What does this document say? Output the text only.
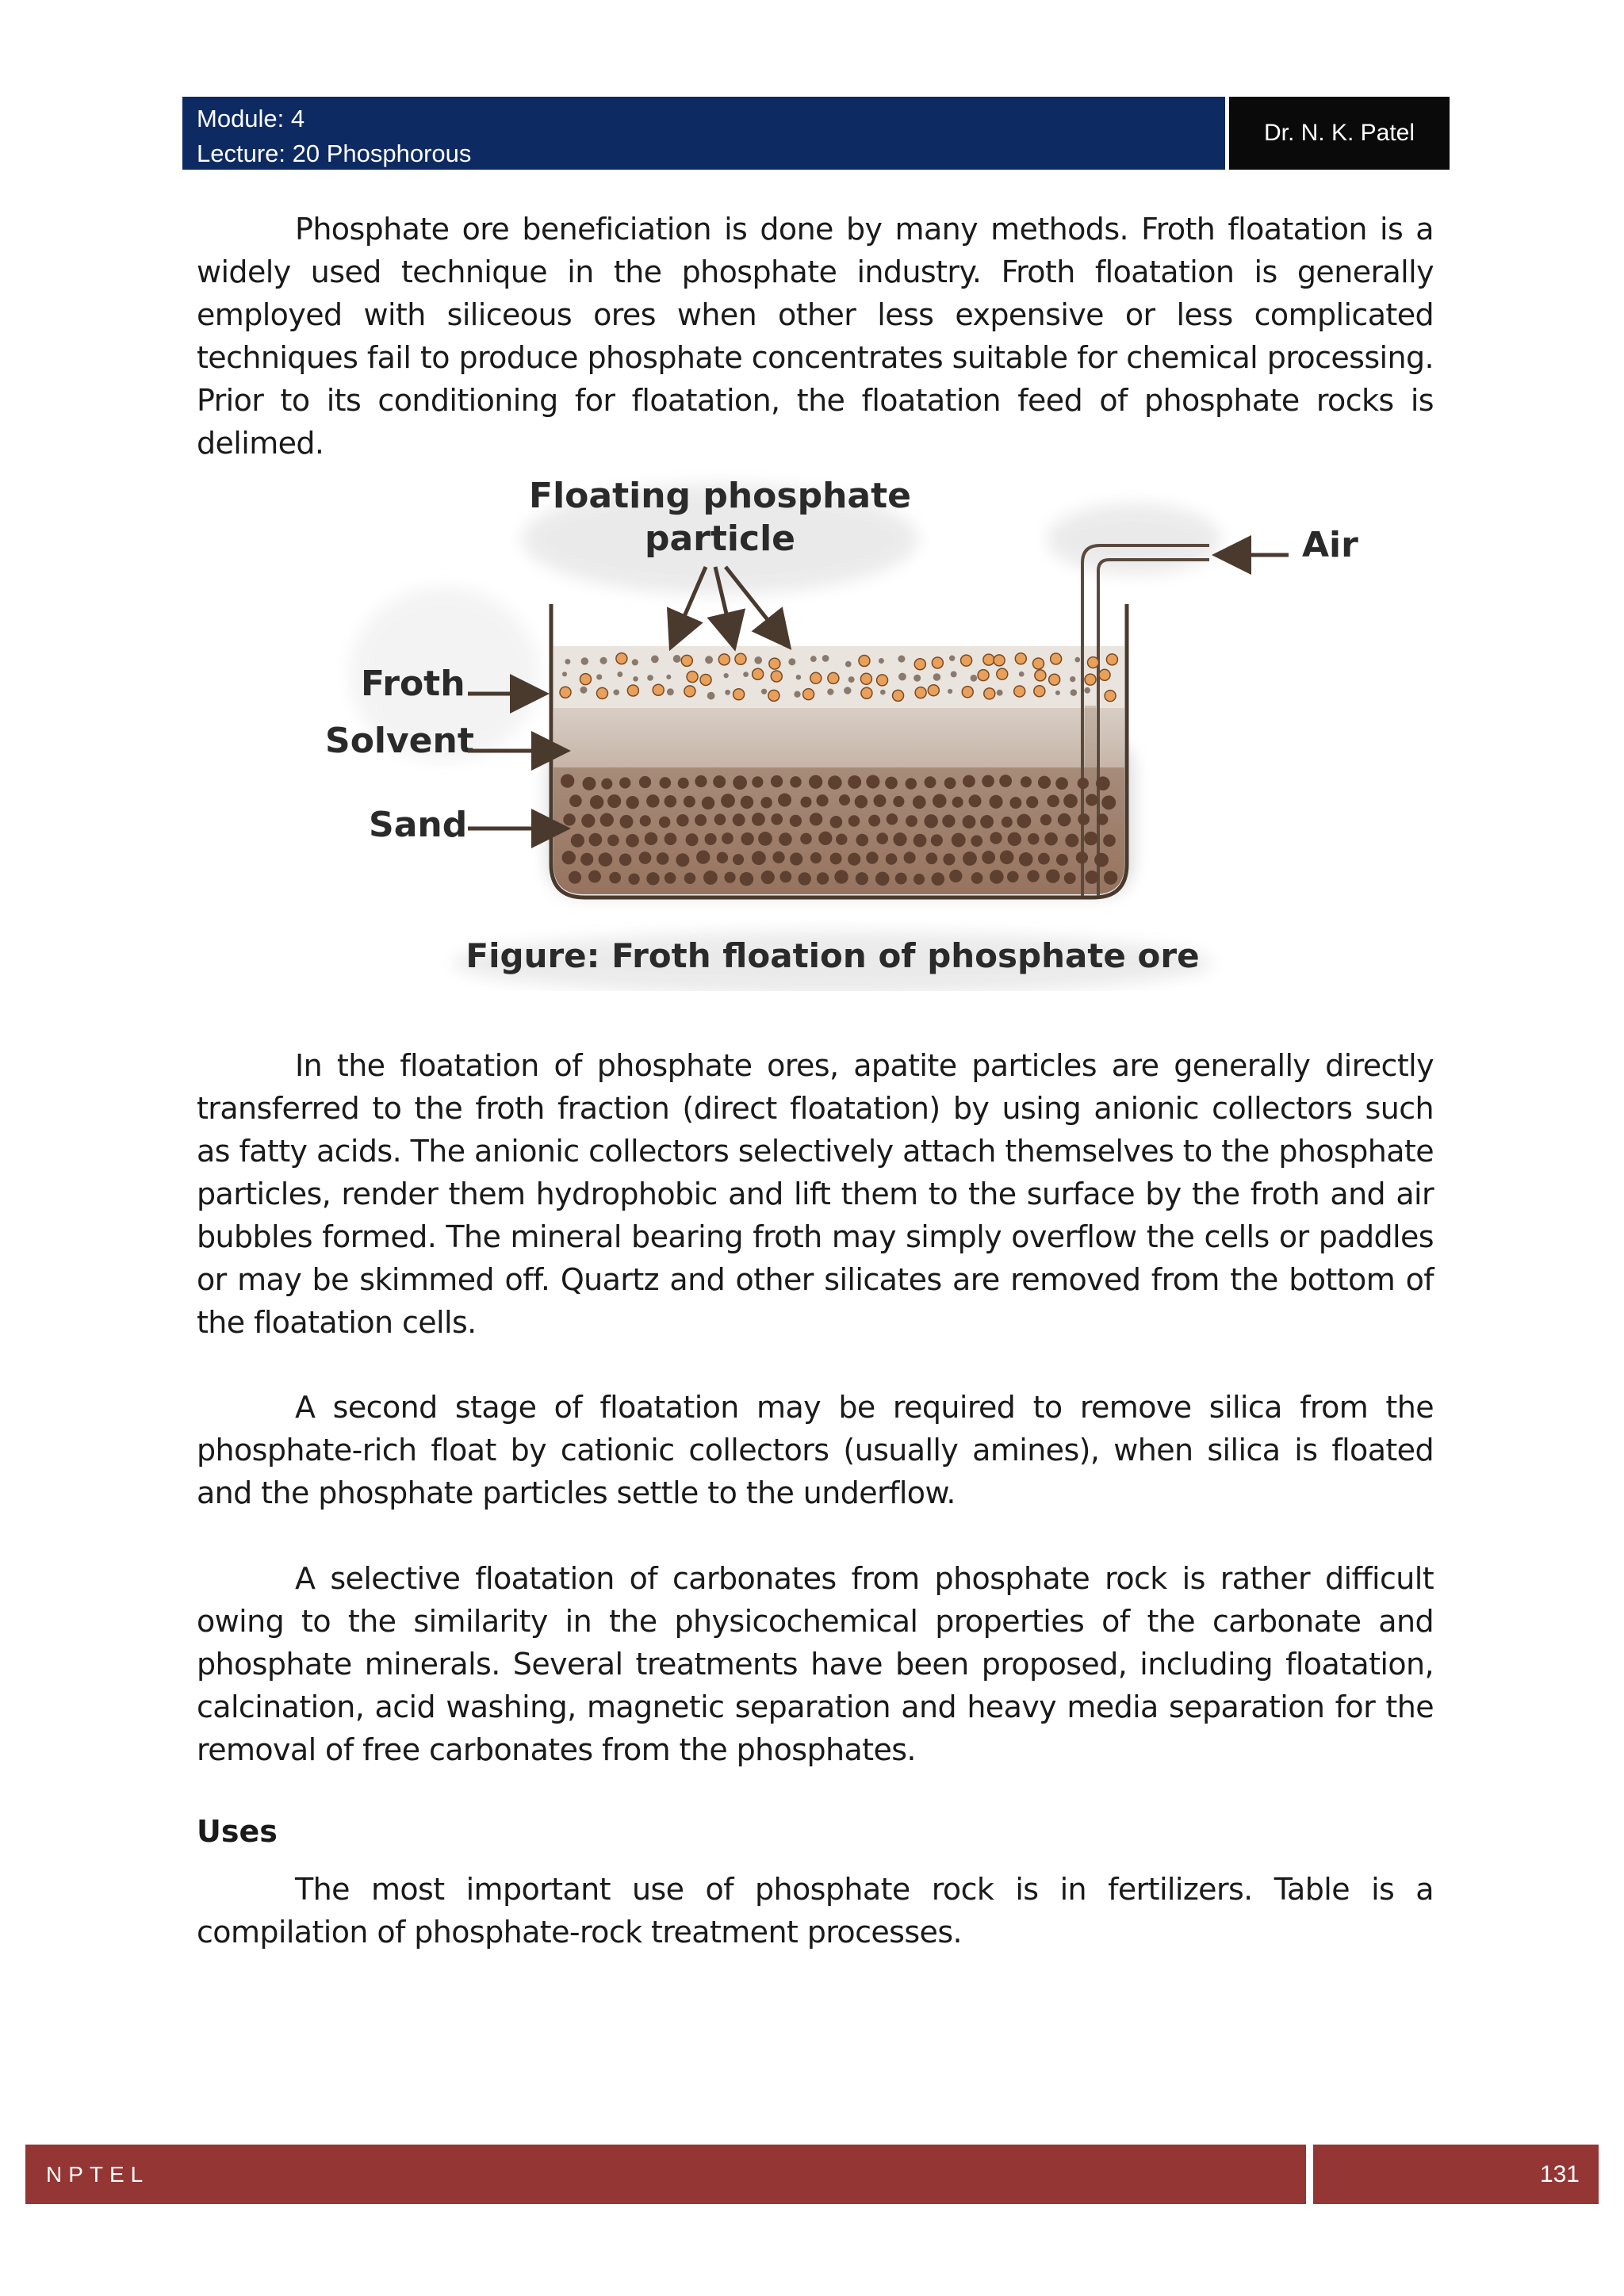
Module: 4
Lecture: 20 Phosphorous
Dr. N. K. Patel

Phosphate ore beneficiation is done by many methods. Froth floatation is a widely used technique in the phosphate industry. Froth floatation is generally employed with siliceous ores when other less expensive or less complicated techniques fail to produce phosphate concentrates suitable for chemical processing. Prior to its conditioning for floatation, the floatation feed of phosphate rocks is delimed.

Floating phosphate
particle	Air
Froth
Solvent
Sand
Figure: Froth floation of phosphate ore

In the floatation of phosphate ores, apatite particles are generally directly transferred to the froth fraction (direct floatation) by using anionic collectors such as fatty acids. The anionic collectors selectively attach themselves to the phosphate particles, render them hydrophobic and lift them to the surface by the froth and air bubbles formed. The mineral bearing froth may simply overflow the cells or paddles or may be skimmed off. Quartz and other silicates are removed from the bottom of the floatation cells.

A second stage of floatation may be required to remove silica from the phosphate-rich float by cationic collectors (usually amines), when silica is floated and the phosphate particles settle to the underflow.

A selective floatation of carbonates from phosphate rock is rather difficult owing to the similarity in the physicochemical properties of the carbonate and phosphate minerals. Several treatments have been proposed, including floatation, calcination, acid washing, magnetic separation and heavy media separation for the removal of free carbonates from the phosphates.

Uses

The most important use of phosphate rock is in fertilizers. Table is a compilation of phosphate-rock treatment processes.

NPTEL	131
